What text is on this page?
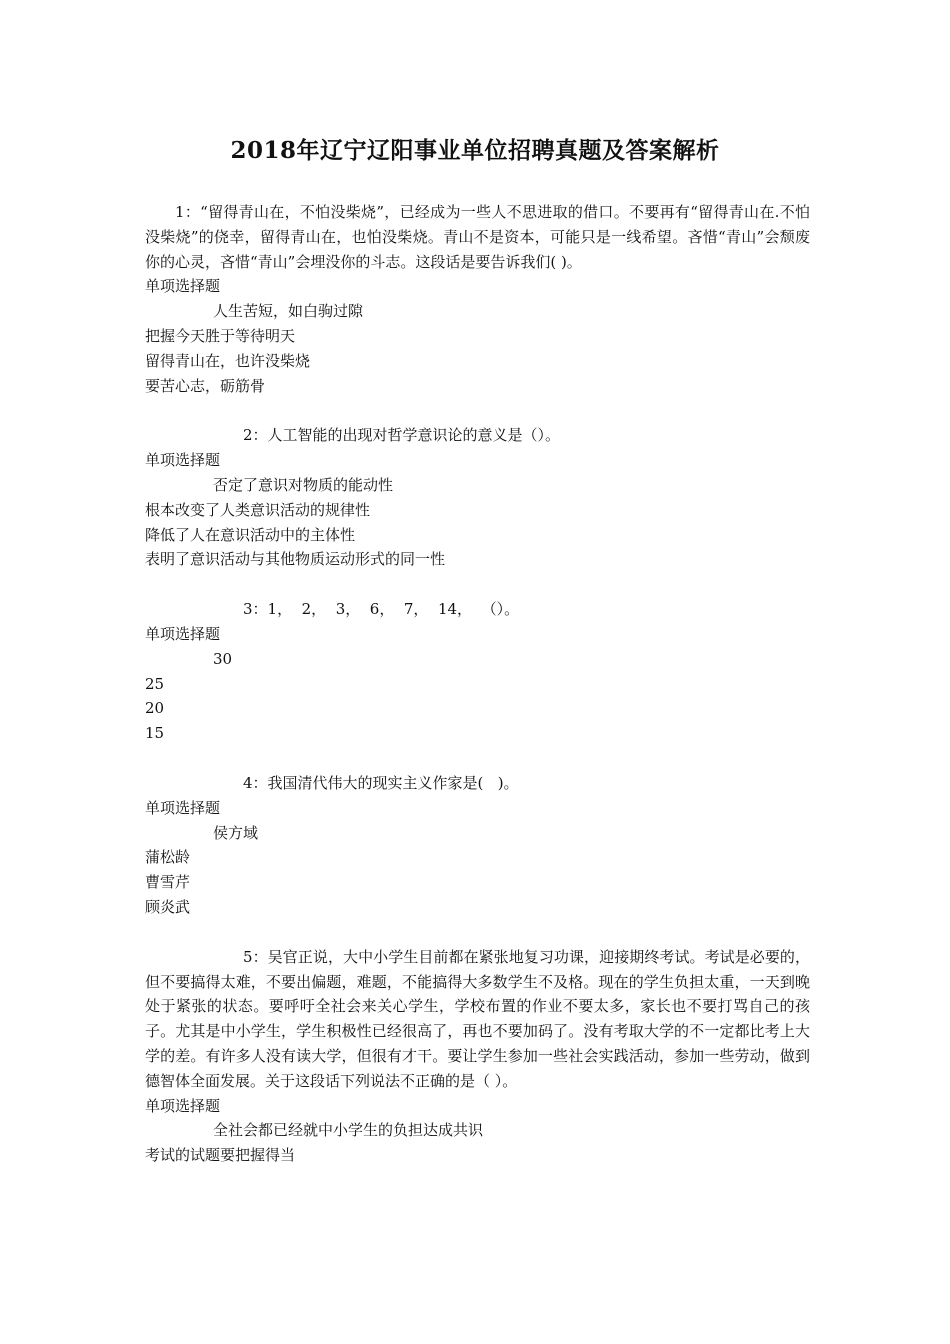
2018年辽宁辽阳事业单位招聘真题及答案解析

1：“留得青山在，不怕没柴烧”，已经成为一些人不思进取的借口。不要再有“留得青山在.不怕没柴烧”的侥幸，留得青山在，也怕没柴烧。青山不是资本，可能只是一线希望。吝惜“青山”会颓废你的心灵，吝惜“青山”会埋没你的斗志。这段话是要告诉我们( )。

单项选择题

人生苦短，如白驹过隙

把握今天胜于等待明天

留得青山在，也许没柴烧

要苦心志，砺筋骨

2：人工智能的出现对哲学意识论的意义是（）。

单项选择题

否定了意识对物质的能动性

根本改变了人类意识活动的规律性

降低了人在意识活动中的主体性

表明了意识活动与其他物质运动形式的同一性

3：1，  2，  3，  6，  7，  14，  （）。

单项选择题

30

25

20

15

4：我国清代伟大的现实主义作家是(   )。

单项选择题

侯方域

蒲松龄

曹雪芹

顾炎武

5：吴官正说，大中小学生目前都在紧张地复习功课，迎接期终考试。考试是必要的，但不要搞得太难，不要出偏题，难题，不能搞得大多数学生不及格。现在的学生负担太重，一天到晚处于紧张的状态。要呼吁全社会来关心学生，学校布置的作业不要太多，家长也不要打骂自己的孩子。尤其是中小学生，学生积极性已经很高了，再也不要加码了。没有考取大学的不一定都比考上大学的差。有许多人没有读大学，但很有才干。要让学生参加一些社会实践活动，参加一些劳动，做到德智体全面发展。关于这段话下列说法不正确的是（ ）。

单项选择题

全社会都已经就中小学生的负担达成共识

考试的试题要把握得当
